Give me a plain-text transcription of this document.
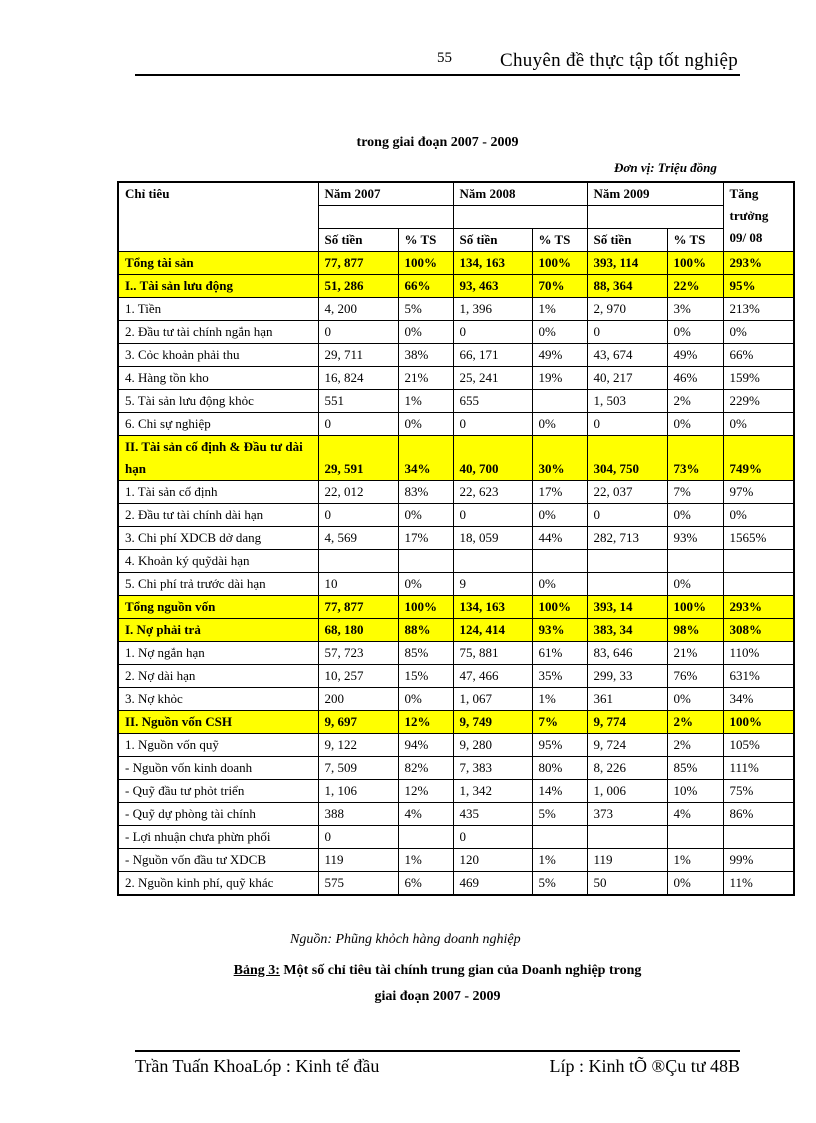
55	Chuyên đề thực tập tốt nghiệp
trong giai đoạn 2007 - 2009
Đơn vị: Triệu đồng
Chỉ tiêu	Năm 2007		Năm 2008		Năm 2009		Tăng
trưởng
09/ 08

	Số tiền	% TS	Số tiền	% TS	Số tiền	% TS	
Tổng tài sản	77, 877	100%	134, 163	100%	393, 114	100%	293%
I.. Tài sản lưu động	51, 286	66%	93, 463	70%	88, 364	22%	95%
1. Tiền	4, 200	5%	1, 396	1%	2, 970	3%	213%
2. Đầu tư tài chính ngắn hạn	0	0%	0	0%	0	0%	0%
3. Cỏc khoản phải thu	29, 711	38%	66, 171	49%	43, 674	49%	66%
4. Hàng tồn kho	16, 824	21%	25, 241	19%	40, 217	46%	159%
5. Tài sản lưu động khỏc	551	1%	655		1, 503	2%	229%
6. Chi sự nghiệp	0	0%	0	0%	0	0%	0%
II. Tài sản cố định & Đầu tư dài hạn	29, 591	34%	40, 700	30%	304, 750	73%	749%
1. Tài sản cố định	22, 012	83%	22, 623	17%	22, 037	7%	97%
2. Đầu tư tài chính dài hạn	0	0%	0	0%	0	0%	0%
3. Chi phí XDCB dở dang	4, 569	17%	18, 059	44%	282, 713	93%	1565%
4. Khoản ký quỹdài hạn							
5. Chi phí trả trước dài hạn	10	0%	9	0%		0%	
Tổng nguồn vốn	77, 877	100%	134, 163	100%	393, 14	100%	293%
I. Nợ phải trả	68, 180	88%	124, 414	93%	383, 34	98%	308%
1. Nợ ngắn hạn	57, 723	85%	75, 881	61%	83, 646	21%	110%
2. Nợ dài hạn	10, 257	15%	47, 466	35%	299, 33	76%	631%
3. Nợ khỏc	200	0%	1, 067	1%	361	0%	34%
II. Nguồn vốn CSH	9, 697	12%	9, 749	7%	9, 774	2%	100%
1. Nguồn vốn quỹ	9, 122	94%	9, 280	95%	9, 724	2%	105%
- Nguồn vốn kinh doanh	7, 509	82%	7, 383	80%	8, 226	85%	111%
- Quỹ đầu tư phỏt triển	1, 106	12%	1, 342	14%	1, 006	10%	75%
- Quỹ dự phòng tài chính	388	4%	435	5%	373	4%	86%
- Lợi nhuận chưa phừn phối	0		0				
- Nguồn vốn đầu tư XDCB	119	1%	120	1%	119	1%	99%
2. Nguồn kinh phí, quỹ khác	575	6%	469	5%	50	0%	11%
Nguồn: Phũng khỏch hàng doanh nghiệp
Bảng 3: Một số chỉ tiêu tài chính trung gian của Doanh nghiệp trong
giai đoạn 2007 - 2009
Trần Tuấn KhoaLóp : Kinh tế đầu	Líp : Kinh tÕ ®Çu tư 48B
